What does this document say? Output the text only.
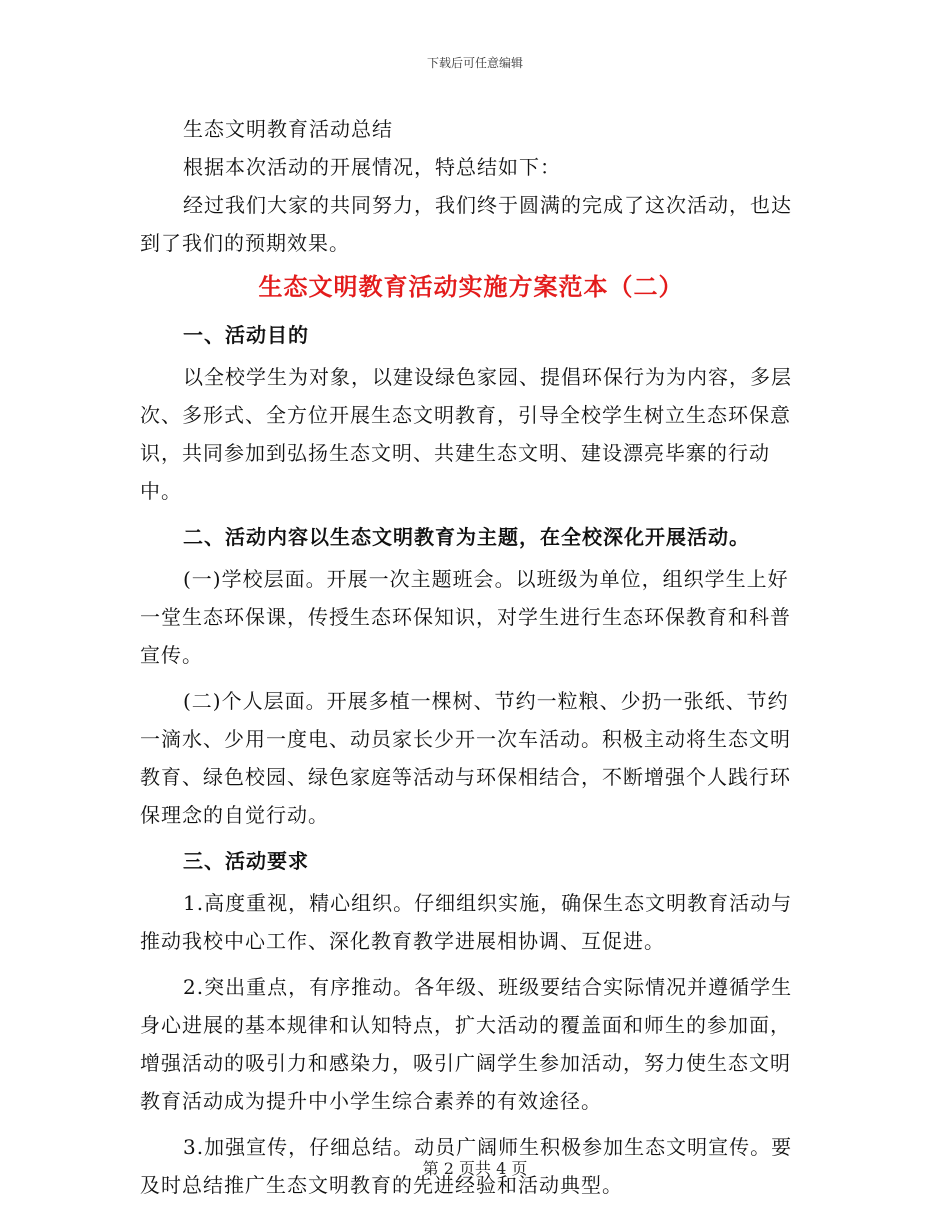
下载后可任意编辑

生态文明教育活动总结

根据本次活动的开展情况，特总结如下：

经过我们大家的共同努力，我们终于圆满的完成了这次活动，也达到了我们的预期效果。

生态文明教育活动实施方案范本（二）

一、活动目的

以全校学生为对象，以建设绿色家园、提倡环保行为为内容，多层次、多形式、全方位开展生态文明教育，引导全校学生树立生态环保意识，共同参加到弘扬生态文明、共建生态文明、建设漂亮毕寨的行动中。

二、活动内容以生态文明教育为主题，在全校深化开展活动。

(一)学校层面。开展一次主题班会。以班级为单位，组织学生上好一堂生态环保课，传授生态环保知识，对学生进行生态环保教育和科普宣传。

(二)个人层面。开展多植一棵树、节约一粒粮、少扔一张纸、节约一滴水、少用一度电、动员家长少开一次车活动。积极主动将生态文明教育、绿色校园、绿色家庭等活动与环保相结合，不断增强个人践行环保理念的自觉行动。

三、活动要求

1.高度重视，精心组织。仔细组织实施，确保生态文明教育活动与推动我校中心工作、深化教育教学进展相协调、互促进。

2.突出重点，有序推动。各年级、班级要结合实际情况并遵循学生身心进展的基本规律和认知特点，扩大活动的覆盖面和师生的参加面，增强活动的吸引力和感染力，吸引广阔学生参加活动，努力使生态文明教育活动成为提升中小学生综合素养的有效途径。

3.加强宣传，仔细总结。动员广阔师生积极参加生态文明宣传。要及时总结推广生态文明教育的先进经验和活动典型。

第 2 页共 4 页
